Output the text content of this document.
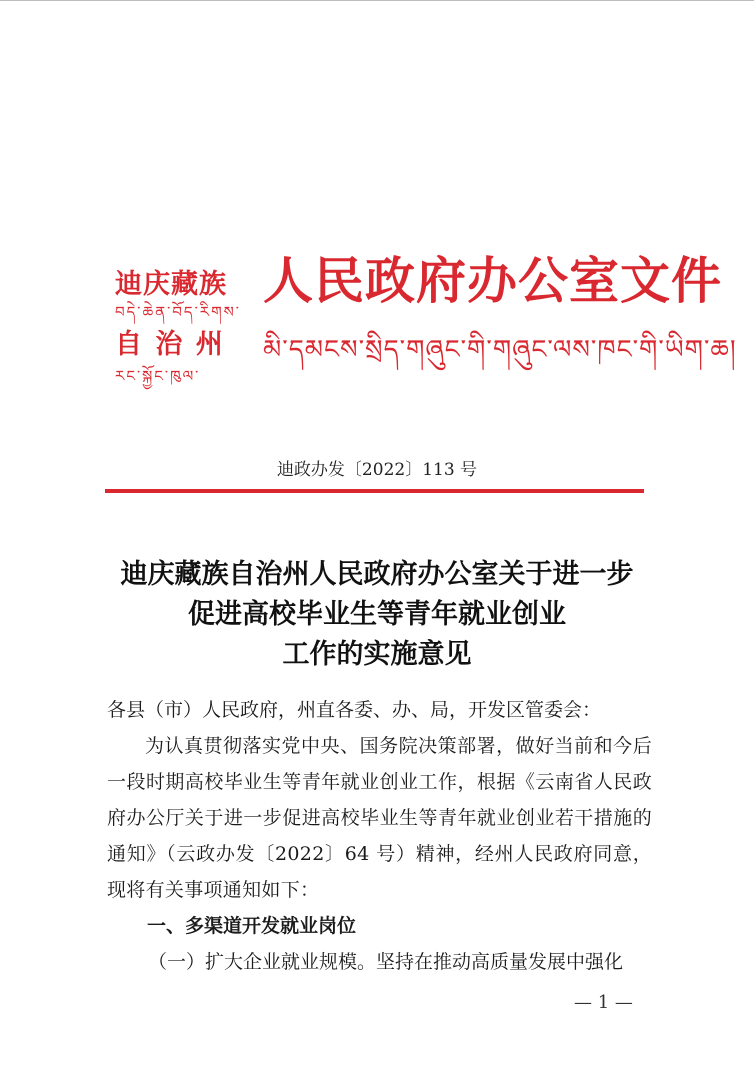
迪庆藏族
བདེ་ཆེན་བོད་རིགས་
自 治 州
རང་སྐྱོང་ཁུལ་
人民政府办公室文件
མི་དམངས་སྲིད་གཞུང་གི་གཞུང་ལས་ཁང་གི་ཡིག་ཆ།
迪政办发〔2022〕113 号
迪庆藏族自治州人民政府办公室关于进一步
促进高校毕业生等青年就业创业
工作的实施意见
各县（市）人民政府，州直各委、办、局，开发区管委会：
为认真贯彻落实党中央、国务院决策部署，做好当前和今后一段时期高校毕业生等青年就业创业工作，根据《云南省人民政府办公厅关于进一步促进高校毕业生等青年就业创业若干措施的通知》（云政办发〔2022〕64 号）精神，经州人民政府同意，现将有关事项通知如下：
一、多渠道开发就业岗位
（一）扩大企业就业规模。坚持在推动高质量发展中强化
— 1 —
